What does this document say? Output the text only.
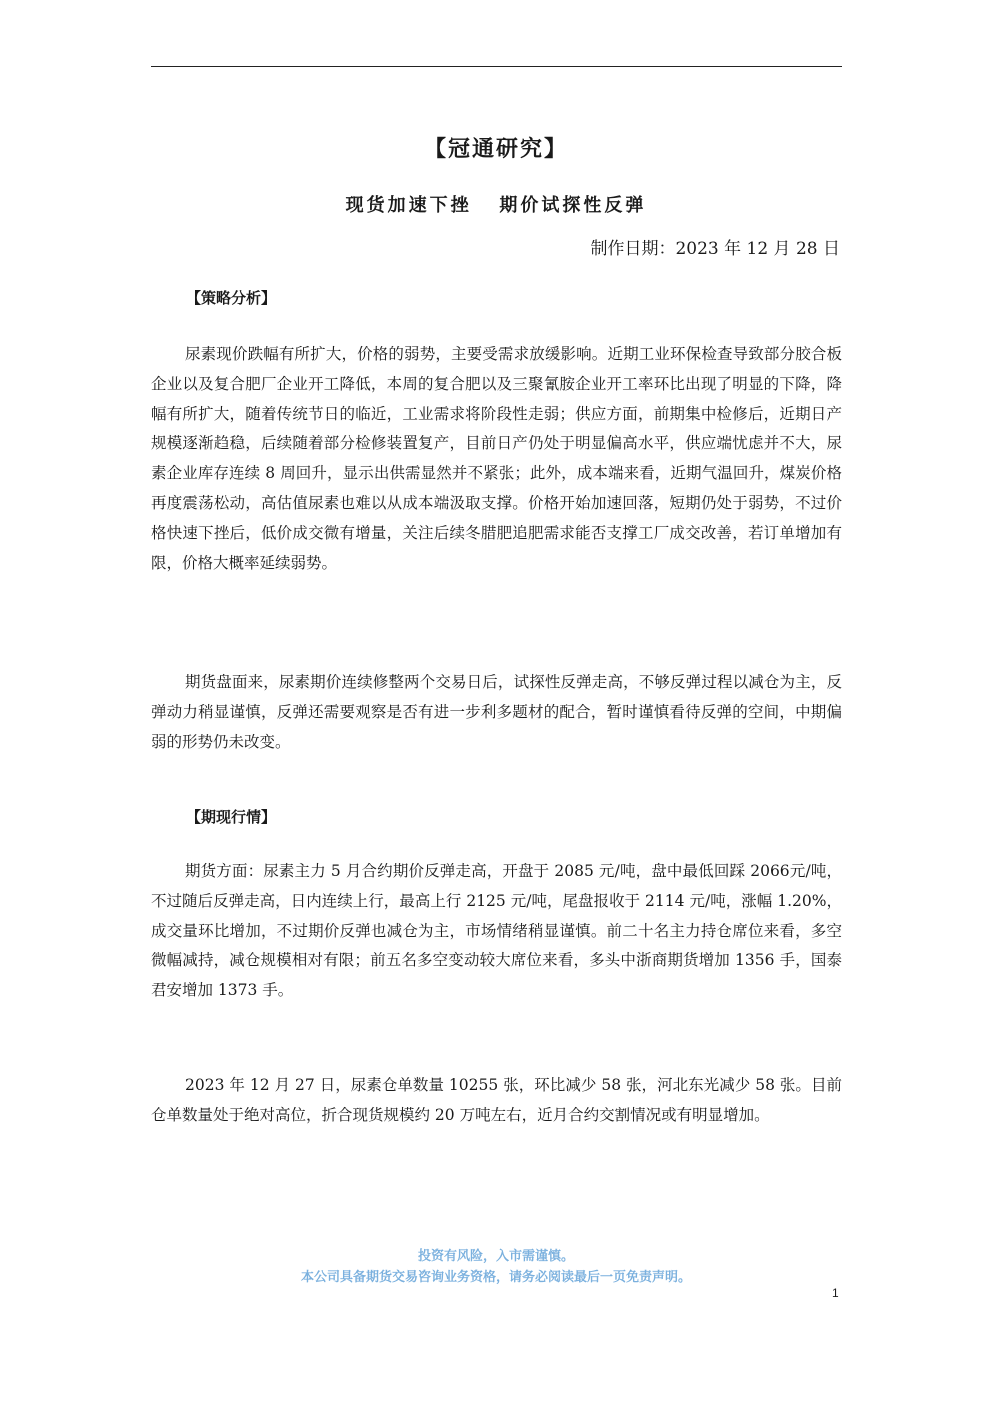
【冠通研究】
现货加速下挫   期价试探性反弹
制作日期：2023 年 12 月 28 日
【策略分析】

尿素现价跌幅有所扩大，价格的弱势，主要受需求放缓影响。近期工业环保检查导致部分胶合板企业以及复合肥厂企业开工降低，本周的复合肥以及三聚氰胺企业开工率环比出现了明显的下降，降幅有所扩大，随着传统节日的临近，工业需求将阶段性走弱；供应方面，前期集中检修后，近期日产规模逐渐趋稳，后续随着部分检修装置复产，目前日产仍处于明显偏高水平，供应端忧虑并不大，尿素企业库存连续 8 周回升，显示出供需显然并不紧张；此外，成本端来看，近期气温回升，煤炭价格再度震荡松动，高估值尿素也难以从成本端汲取支撑。价格开始加速回落，短期仍处于弱势，不过价格快速下挫后，低价成交微有增量，关注后续冬腊肥追肥需求能否支撑工厂成交改善，若订单增加有限，价格大概率延续弱势。

期货盘面来，尿素期价连续修整两个交易日后，试探性反弹走高，不够反弹过程以减仓为主，反弹动力稍显谨慎，反弹还需要观察是否有进一步利多题材的配合，暂时谨慎看待反弹的空间，中期偏弱的形势仍未改变。

【期现行情】

期货方面：尿素主力 5 月合约期价反弹走高，开盘于 2085 元/吨，盘中最低回踩 2066元/吨，不过随后反弹走高，日内连续上行，最高上行 2125 元/吨，尾盘报收于 2114 元/吨，涨幅 1.20%，成交量环比增加，不过期价反弹也减仓为主，市场情绪稍显谨慎。前二十名主力持仓席位来看，多空微幅减持，减仓规模相对有限；前五名多空变动较大席位来看，多头中浙商期货增加 1356 手，国泰君安增加 1373 手。

2023 年 12 月 27 日，尿素仓单数量 10255 张，环比减少 58 张，河北东光减少 58 张。目前仓单数量处于绝对高位，折合现货规模约 20 万吨左右，近月合约交割情况或有明显增加。

投资有风险，入市需谨慎。
本公司具备期货交易咨询业务资格，请务必阅读最后一页免责声明。
1
